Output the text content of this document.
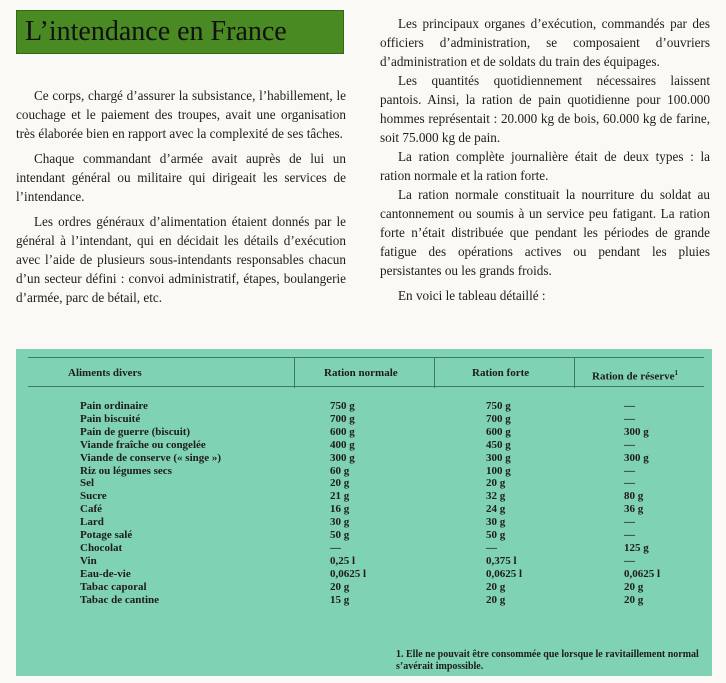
L’intendance en France

Ce corps, chargé d’assurer la subsistance, l’habillement, le couchage et le paiement des troupes, avait une organisation très élaborée bien en rapport avec la complexité de ses tâches.

Chaque commandant d’armée avait auprès de lui un intendant général ou militaire qui dirigeait les services de l’intendance.

Les ordres généraux d’alimentation étaient donnés par le général à l’intendant, qui en décidait les détails d’exécution avec l’aide de plusieurs sous-intendants responsables chacun d’un secteur défini : convoi administratif, étapes, boulangerie d’armée, parc de bétail, etc.

Les principaux organes d’exécution, commandés par des officiers d’administration, se composaient d’ouvriers d’administration et de soldats du train des équipages.

Les quantités quotidiennement nécessaires laissent pantois. Ainsi, la ration de pain quotidienne pour 100.000 hommes représentait : 20.000 kg de bois, 60.000 kg de farine, soit 75.000 kg de pain.

La ration complète journalière était de deux types : la ration normale et la ration forte.

La ration normale constituait la nourriture du soldat au cantonnement ou soumis à un service peu fatigant. La ration forte n’était distribuée que pendant les périodes de grande fatigue des opérations actives ou pendant les pluies persistantes ou les grands froids.

En voici le tableau détaillé :

Aliments divers	Ration normale	Ration forte	Ration de réserve$^1$
Pain ordinaire	750 g	750 g	—
Pain biscuité	700 g	700 g	—
Pain de guerre (biscuit)	600 g	600 g	300 g
Viande fraîche ou congelée	400 g	450 g	—
Viande de conserve (« singe »)	300 g	300 g	300 g
Riz ou légumes secs	60 g	100 g	—
Sel	20 g	20 g	—
Sucre	21 g	32 g	80 g
Café	16 g	24 g	36 g
Lard	30 g	30 g	—
Potage salé	50 g	50 g	—
Chocolat	—	—	125 g
Vin	0,25 l	0,375 l	—
Eau-de-vie	0,0625 l	0,0625 l	0,0625 l
Tabac caporal	20 g	20 g	20 g
Tabac de cantine	15 g	20 g	20 g
1. Elle ne pouvait être consommée que lorsque le ravitaillement normal s’avérait impossible.
